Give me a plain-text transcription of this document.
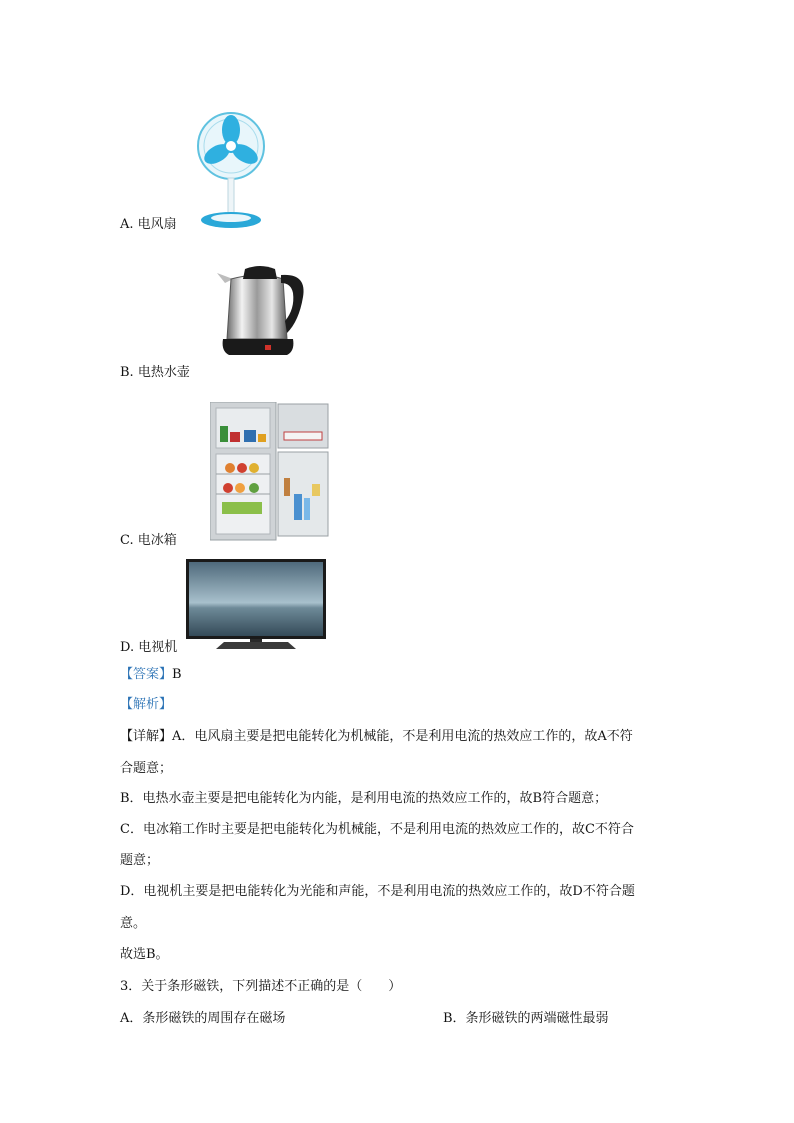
A. 电风扇
B. 电热水壶
C. 电冰箱
D. 电视机
【答案】B
【解析】
【详解】A．电风扇主要是把电能转化为机械能，不是利用电流的热效应工作的，故A不符
合题意；
B．电热水壶主要是把电能转化为内能，是利用电流的热效应工作的，故B符合题意；
C．电冰箱工作时主要是把电能转化为机械能，不是利用电流的热效应工作的，故C不符合
题意；
D．电视机主要是把电能转化为光能和声能，不是利用电流的热效应工作的，故D不符合题
意。
故选B。
3．关于条形磁铁，下列描述不正确的是（　　）
A．条形磁铁的周围存在磁场	B．条形磁铁的两端磁性最弱
